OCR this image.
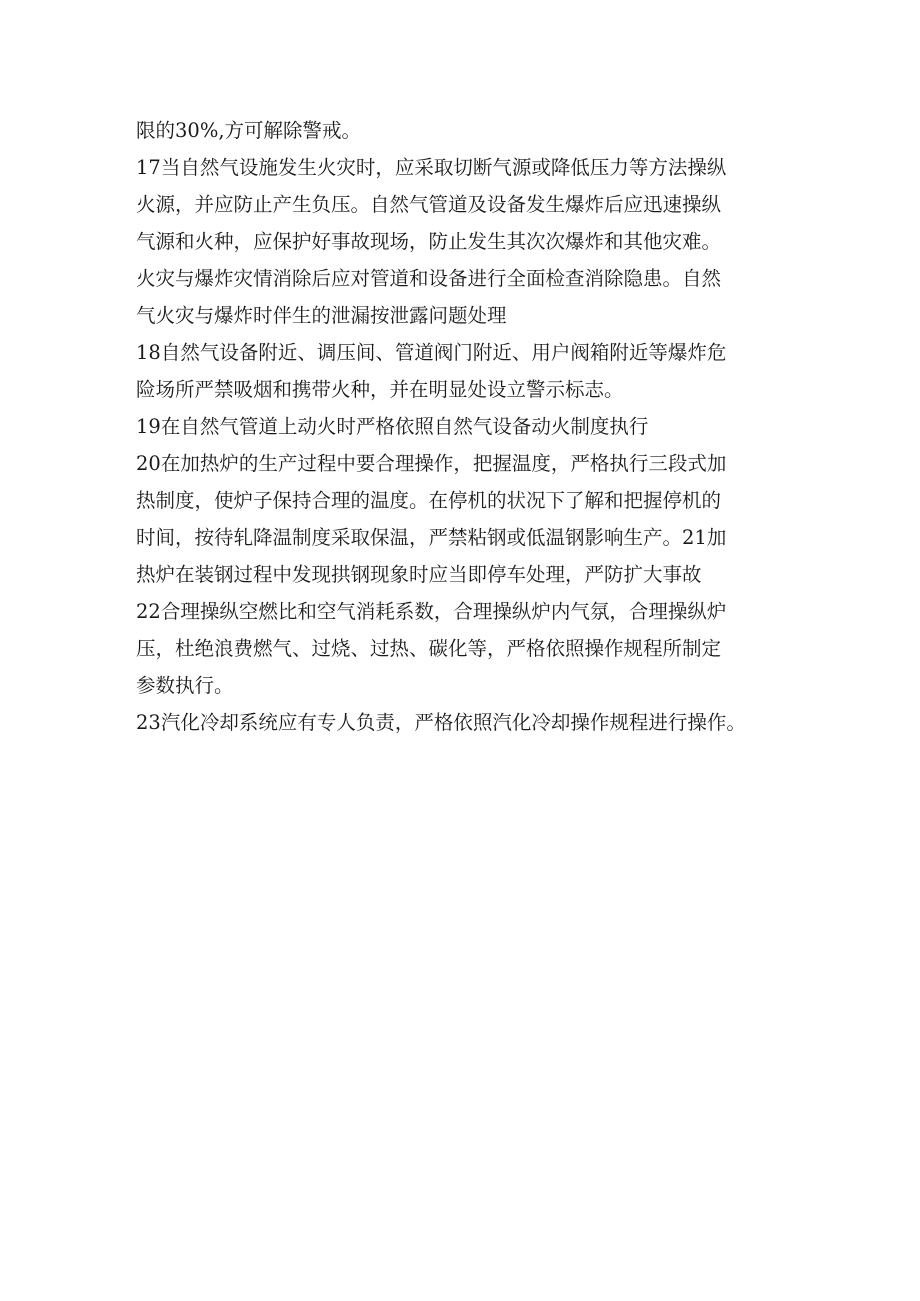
限的30%,方可解除警戒。
17当自然气设施发生火灾时，应采取切断气源或降低压力等方法操纵
火源，并应防止产生负压。自然气管道及设备发生爆炸后应迅速操纵
气源和火种，应保护好事故现场，防止发生其次次爆炸和其他灾难。
火灾与爆炸灾情消除后应对管道和设备进行全面检查消除隐患。自然
气火灾与爆炸时伴生的泄漏按泄露问题处理
18自然气设备附近、调压间、管道阀门附近、用户阀箱附近等爆炸危
险场所严禁吸烟和携带火种，并在明显处设立警示标志。
19在自然气管道上动火时严格依照自然气设备动火制度执行
20在加热炉的生产过程中要合理操作，把握温度，严格执行三段式加
热制度，使炉子保持合理的温度。在停机的状况下了解和把握停机的
时间，按待轧降温制度采取保温，严禁粘钢或低温钢影响生产。21加
热炉在装钢过程中发现拱钢现象时应当即停车处理，严防扩大事故
22合理操纵空燃比和空气消耗系数，合理操纵炉内气氛，合理操纵炉
压，杜绝浪费燃气、过烧、过热、碳化等，严格依照操作规程所制定
参数执行。
23汽化冷却系统应有专人负责，严格依照汽化冷却操作规程进行操作。
